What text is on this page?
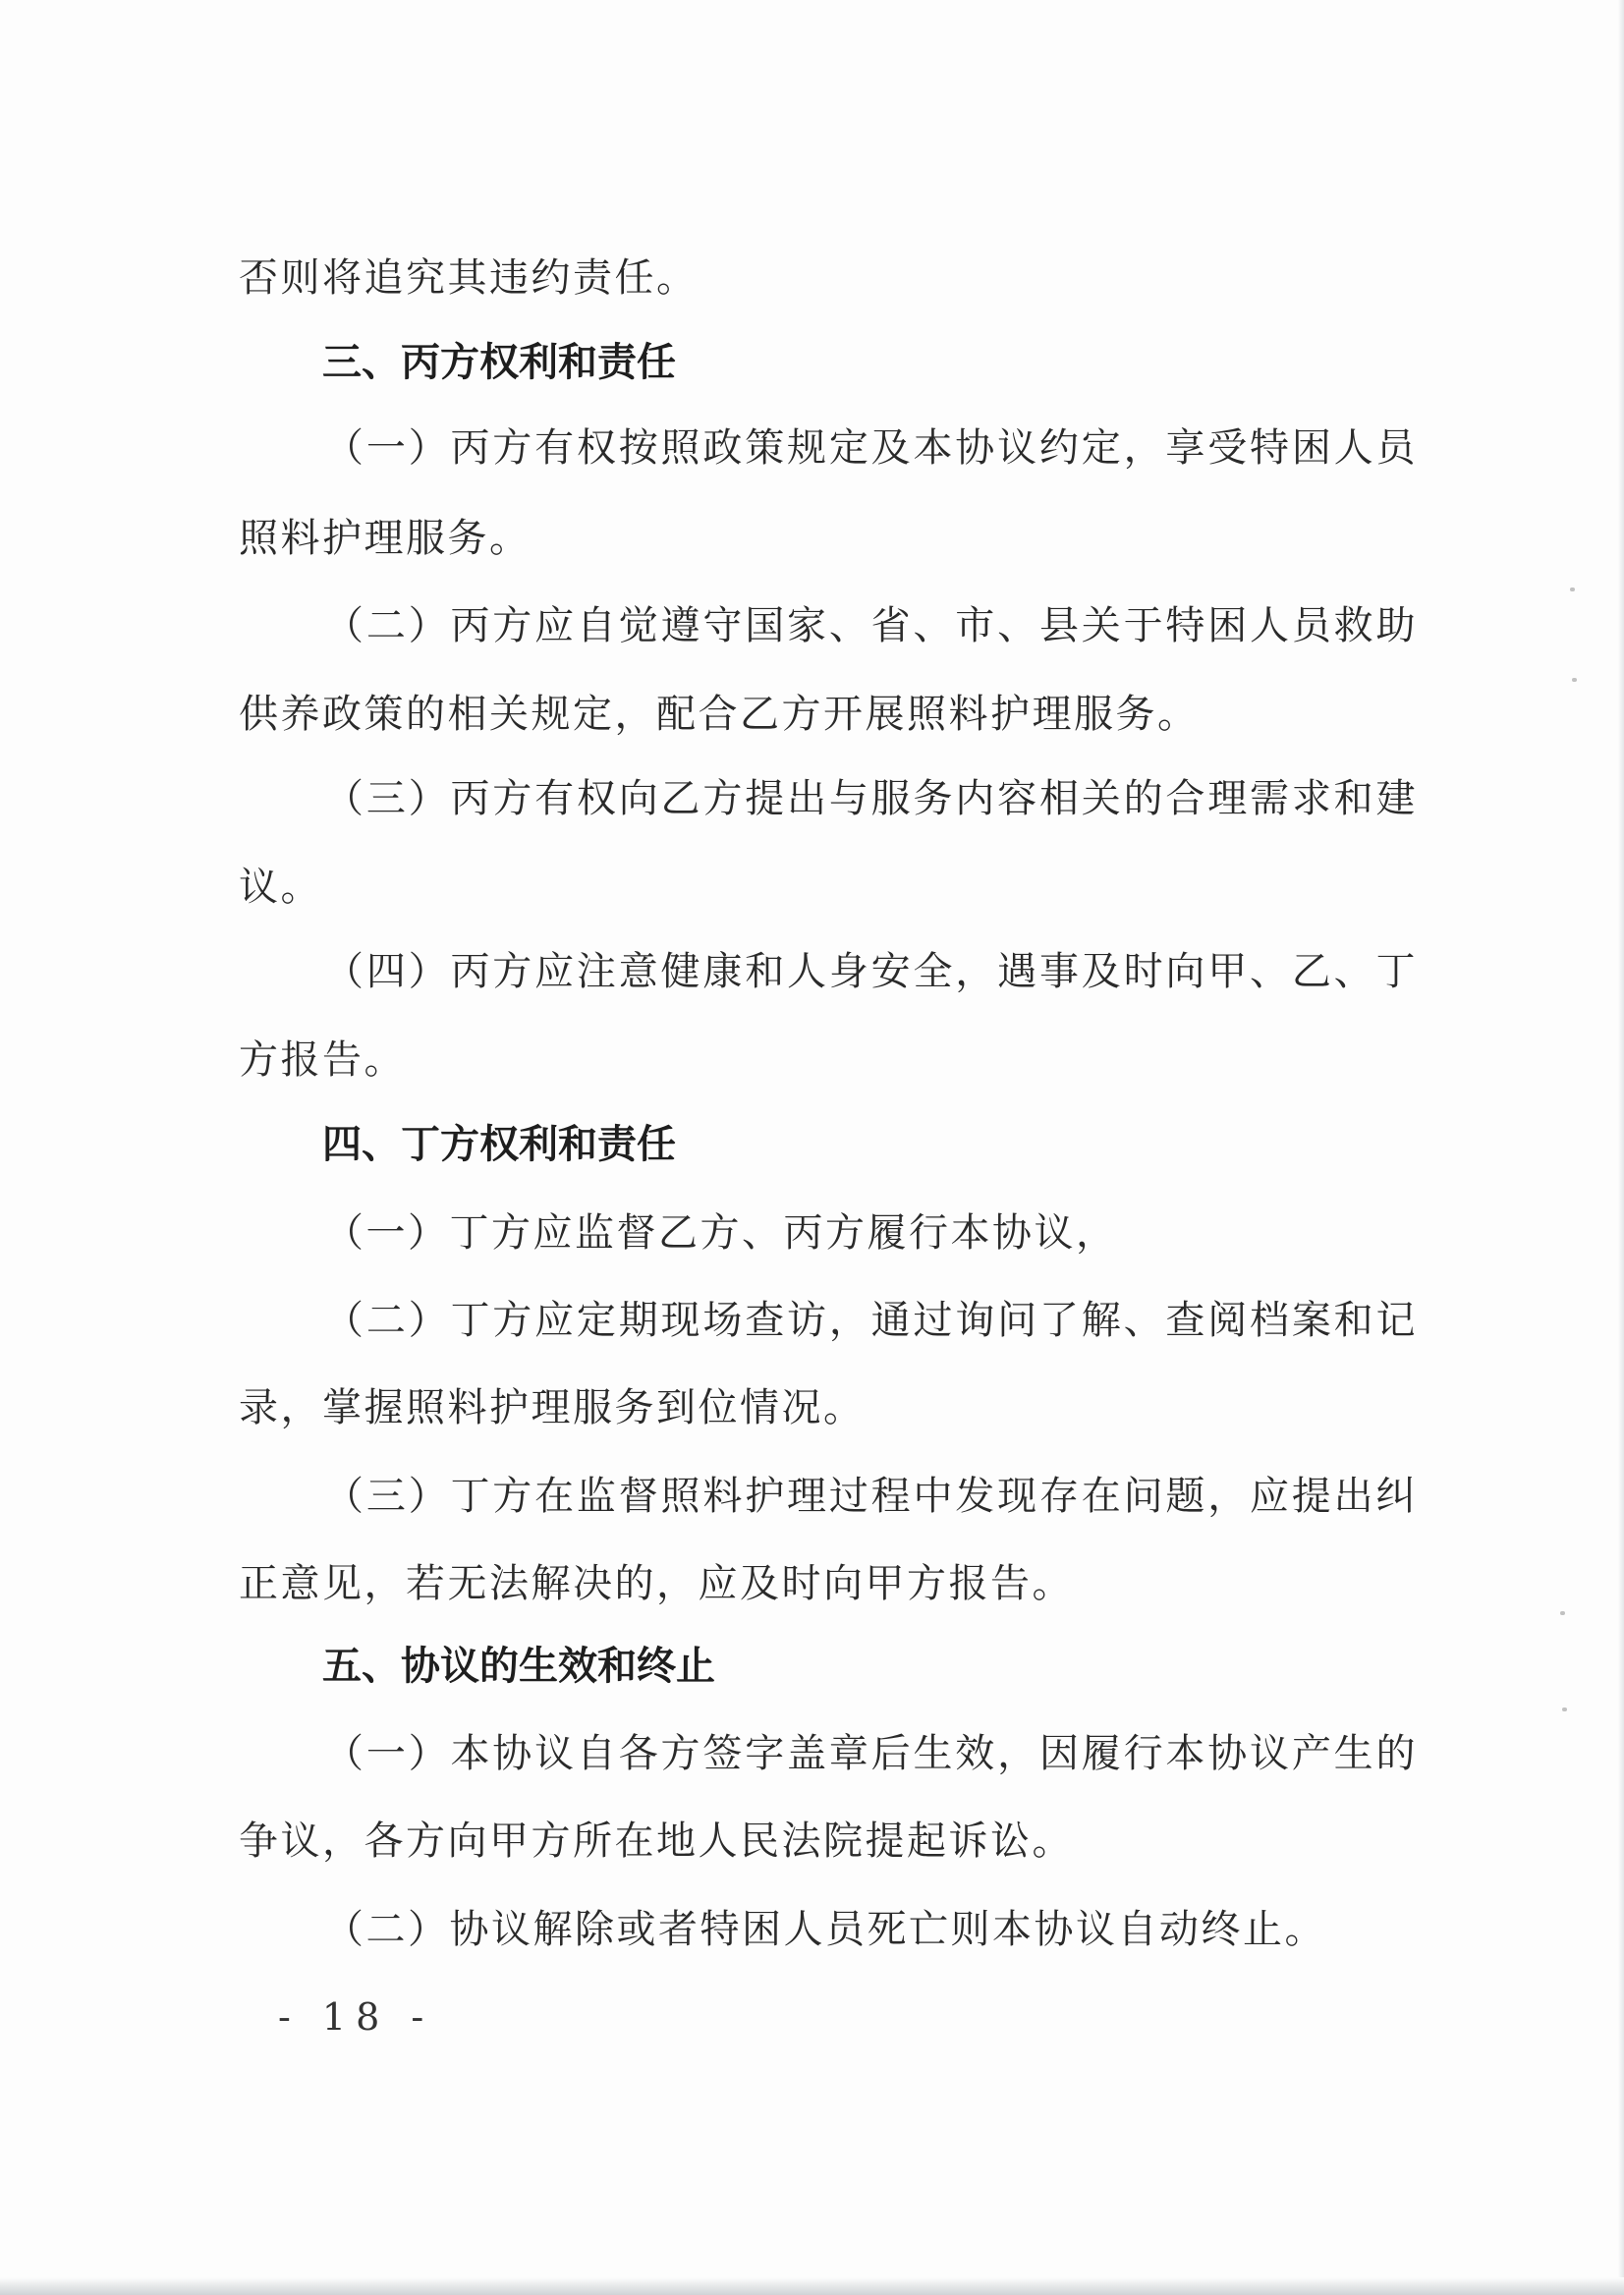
否则将追究其违约责任。
三、丙方权利和责任
（一）丙方有权按照政策规定及本协议约定，享受特困人员
照料护理服务。
（二）丙方应自觉遵守国家、省、市、县关于特困人员救助
供养政策的相关规定，配合乙方开展照料护理服务。
（三）丙方有权向乙方提出与服务内容相关的合理需求和建
议。
（四）丙方应注意健康和人身安全，遇事及时向甲、乙、丁
方报告。
四、丁方权利和责任
（一）丁方应监督乙方、丙方履行本协议，
（二）丁方应定期现场查访，通过询问了解、查阅档案和记
录，掌握照料护理服务到位情况。
（三）丁方在监督照料护理过程中发现存在问题，应提出纠
正意见，若无法解决的，应及时向甲方报告。
五、协议的生效和终止
（一）本协议自各方签字盖章后生效，因履行本协议产生的
争议，各方向甲方所在地人民法院提起诉讼。
（二）协议解除或者特困人员死亡则本协议自动终止。
- 18 -
